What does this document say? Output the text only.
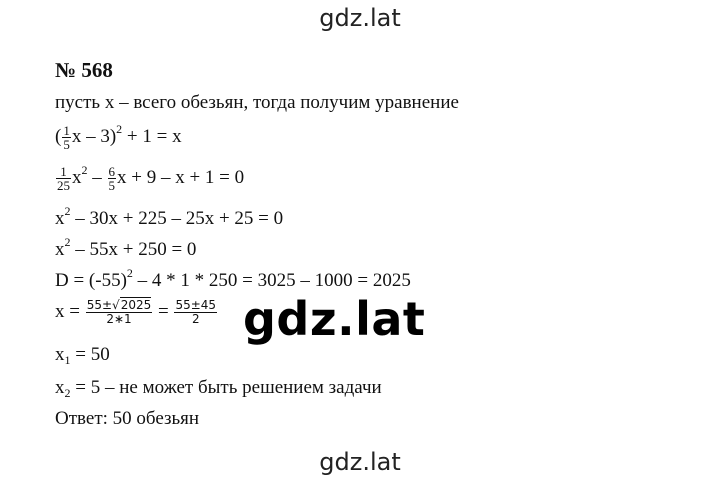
gdz.lat
№ 568
пусть x – всего обезьян, тогда получим уравнение
( $\frac{1}{5}$ x – 3)$^2$ + 1 = x
$\frac{1}{25} x^2 - \frac{6}{5}$ x + 9 – x + 1 = 0
$x^2 - 30x + 225 - 25x + 25 = 0$
$x^2 - 55x + 250 = 0$
$D = (-55)^2 - 4 * 1 * 250 = 3025 - 1000 = 2025$
$x = \frac{55\pm√2025}{2∗1} = \frac{55\pm 45}{2} gdz.lat$
$x_1 = 50$
$x_2 = 5$ – не может быть решением задачи
Ответ: 50 обезьян
gdz.lat
